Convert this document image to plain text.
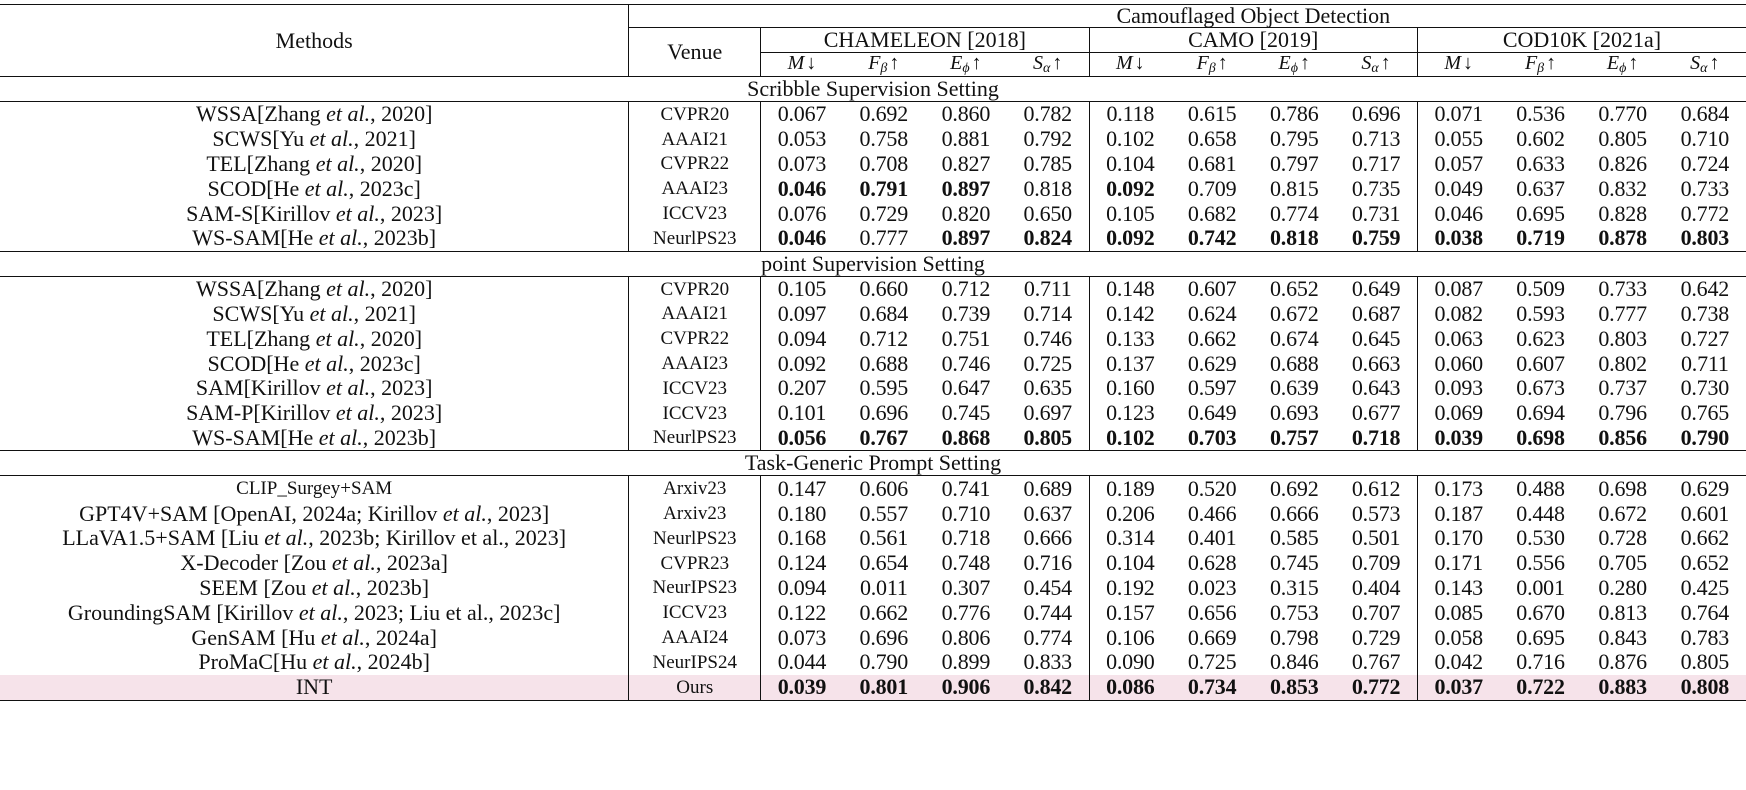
Methods		Camouflaged Object Detection											
	Venue	CHAMELEON [2018]				CAMO [2019]				COD10K [2021a]			
		M ↓	Fβ ↑	Eϕ ↑	Sα ↑	M ↓	Fβ ↑	Eϕ ↑	Sα ↑	M ↓	Fβ ↑	Eϕ ↑	Sα ↑
Scribble Supervision Setting													
WSSA[Zhang et al., 2020]	CVPR20	0.067	0.692	0.860	0.782	0.118	0.615	0.786	0.696	0.071	0.536	0.770	0.684
SCWS[Yu et al., 2021]	AAAI21	0.053	0.758	0.881	0.792	0.102	0.658	0.795	0.713	0.055	0.602	0.805	0.710
TEL[Zhang et al., 2020]	CVPR22	0.073	0.708	0.827	0.785	0.104	0.681	0.797	0.717	0.057	0.633	0.826	0.724
SCOD[He et al., 2023c]	AAAI23	0.046	0.791	0.897	0.818	0.092	0.709	0.815	0.735	0.049	0.637	0.832	0.733
SAM-S[Kirillov et al., 2023]	ICCV23	0.076	0.729	0.820	0.650	0.105	0.682	0.774	0.731	0.046	0.695	0.828	0.772
WS-SAM[He et al., 2023b]	NeurlPS23	0.046	0.777	0.897	0.824	0.092	0.742	0.818	0.759	0.038	0.719	0.878	0.803
point Supervision Setting													
WSSA[Zhang et al., 2020]	CVPR20	0.105	0.660	0.712	0.711	0.148	0.607	0.652	0.649	0.087	0.509	0.733	0.642
SCWS[Yu et al., 2021]	AAAI21	0.097	0.684	0.739	0.714	0.142	0.624	0.672	0.687	0.082	0.593	0.777	0.738
TEL[Zhang et al., 2020]	CVPR22	0.094	0.712	0.751	0.746	0.133	0.662	0.674	0.645	0.063	0.623	0.803	0.727
SCOD[He et al., 2023c]	AAAI23	0.092	0.688	0.746	0.725	0.137	0.629	0.688	0.663	0.060	0.607	0.802	0.711
SAM[Kirillov et al., 2023]	ICCV23	0.207	0.595	0.647	0.635	0.160	0.597	0.639	0.643	0.093	0.673	0.737	0.730
SAM-P[Kirillov et al., 2023]	ICCV23	0.101	0.696	0.745	0.697	0.123	0.649	0.693	0.677	0.069	0.694	0.796	0.765
WS-SAM[He et al., 2023b]	NeurlPS23	0.056	0.767	0.868	0.805	0.102	0.703	0.757	0.718	0.039	0.698	0.856	0.790
Task-Generic Prompt Setting													
CLIP_Surgey+SAM	Arxiv23	0.147	0.606	0.741	0.689	0.189	0.520	0.692	0.612	0.173	0.488	0.698	0.629
GPT4V+SAM [OpenAI, 2024a; Kirillov et al., 2023]	Arxiv23	0.180	0.557	0.710	0.637	0.206	0.466	0.666	0.573	0.187	0.448	0.672	0.601
LLaVA1.5+SAM [Liu et al., 2023b; Kirillov et al., 2023]	NeurlPS23	0.168	0.561	0.718	0.666	0.314	0.401	0.585	0.501	0.170	0.530	0.728	0.662
X-Decoder [Zou et al., 2023a]	CVPR23	0.124	0.654	0.748	0.716	0.104	0.628	0.745	0.709	0.171	0.556	0.705	0.652
SEEM [Zou et al., 2023b]	NeurIPS23	0.094	0.011	0.307	0.454	0.192	0.023	0.315	0.404	0.143	0.001	0.280	0.425
GroundingSAM [Kirillov et al., 2023; Liu et al., 2023c]	ICCV23	0.122	0.662	0.776	0.744	0.157	0.656	0.753	0.707	0.085	0.670	0.813	0.764
GenSAM [Hu et al., 2024a]	AAAI24	0.073	0.696	0.806	0.774	0.106	0.669	0.798	0.729	0.058	0.695	0.843	0.783
ProMaC[Hu et al., 2024b]	NeurIPS24	0.044	0.790	0.899	0.833	0.090	0.725	0.846	0.767	0.042	0.716	0.876	0.805
INT	Ours	0.039	0.801	0.906	0.842	0.086	0.734	0.853	0.772	0.037	0.722	0.883	0.808
